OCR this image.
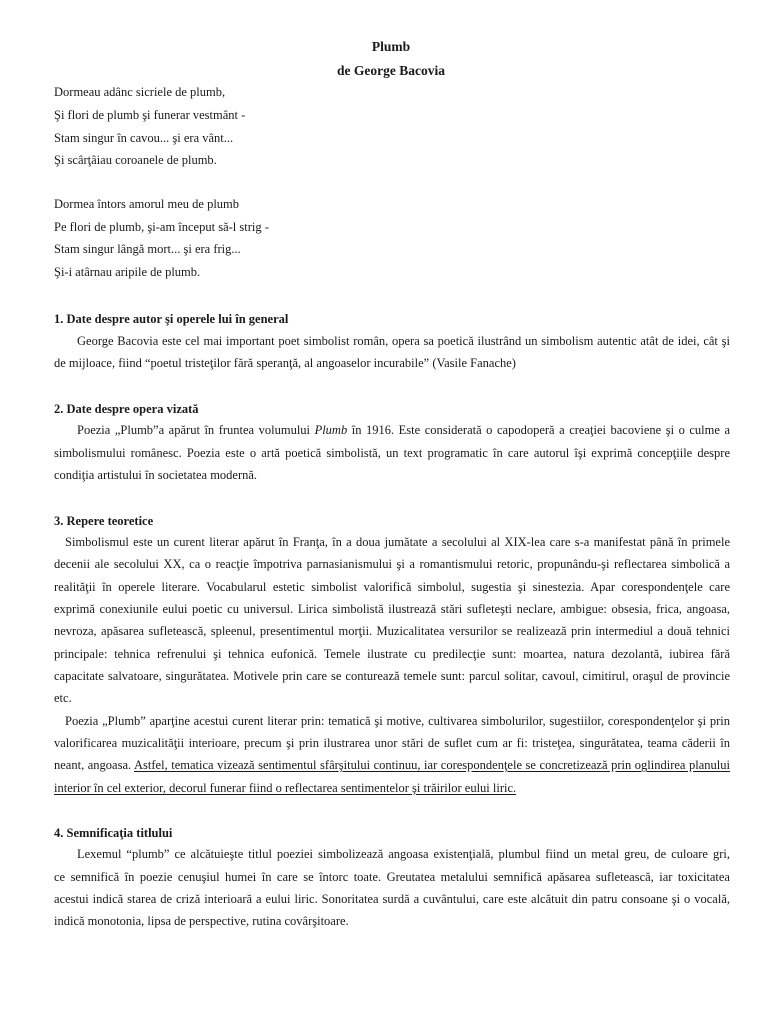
Plumb
de George Bacovia
Dormeau adânc sicriele de plumb,
Şi flori de plumb şi funerar vestmânt -
Stam singur în cavou... şi era vânt...
Şi scârţâiau coroanele de plumb.
Dormea întors amorul meu de plumb
Pe flori de plumb, şi-am început să-l strig -
Stam singur lângă mort... şi era frig...
Şi-i atârnau aripile de plumb.
1. Date despre autor şi operele lui în general
George Bacovia este cel mai important poet simbolist român, opera sa poetică ilustrând un simbolism autentic atât de idei, cât şi
de mijloace, fiind “poetul tristeţilor fără speranţă, al angoaselor incurabile” (Vasile Fanache)
2. Date despre opera vizată
Poezia „Plumb”a apărut în fruntea volumului Plumb în 1916. Este considerată o capodoperă a creaţiei bacoviene şi o culme a
simbolismului românesc. Poezia este o artă poetică simbolistă, un text programatic în care autorul îşi exprimă concepţiile despre
condiţia artistului în societatea modernă.
3. Repere teoretice
Simbolismul este un curent literar apărut în Franţa, în a doua jumătate a secolului al XIX-lea care s-a manifestat până în primele
decenii ale secolului XX, ca o reacţie împotriva parnasianismului şi a romantismului retoric, propunându-şi reflectarea simbolică a
realităţii în operele literare. Vocabularul estetic simbolist valorifică simbolul, sugestia şi sinestezia. Apar corespondenţele care
exprimă conexiunile eului poetic cu universul. Lirica simbolistă ilustrează stări sufleteşti neclare, ambigue: obsesia, frica, angoasa,
nevroza, apăsarea sufletească, spleenul, presentimentul morţii. Muzicalitatea versurilor se realizează prin intermediul a două tehnici
principale: tehnica refrenului şi tehnica eufonică. Temele ilustrate cu predilecţie sunt: moartea, natura dezolantă, iubirea fără
capacitate salvatoare, singurătatea. Motivele prin care se conturează temele sunt: parcul solitar, cavoul, cimitirul, oraşul de provincie
etc.
Poezia „Plumb” aparţine acestui curent literar prin: tematică şi motive, cultivarea simbolurilor, sugestiilor, corespondenţelor şi prin
valorificarea muzicalităţii interioare, precum şi prin ilustrarea unor stări de suflet cum ar fi: tristeţea, singurătatea, teama căderii în
neant, angoasa. Astfel, tematica vizează sentimentul sfârşitului continuu, iar corespondenţele se concretizează prin oglindirea planului
interior în cel exterior, decorul funerar fiind o reflectarea sentimentelor şi trăirilor eului liric.
4. Semnificaţia titlului
Lexemul “plumb” ce alcătuieşte titlul poeziei simbolizează angoasa existenţială, plumbul fiind un metal greu, de culoare gri,
ce semnifică în poezie cenuşiul humei în care se întorc toate. Greutatea metalului semnifică apăsarea sufletească, iar toxicitatea
acestui indică starea de criză interioară a eului liric. Sonoritatea surdă a cuvântului, care este alcătuit din patru consoane şi o vocală,
indică monotonia, lipsa de perspective, rutina covârşitoare.
